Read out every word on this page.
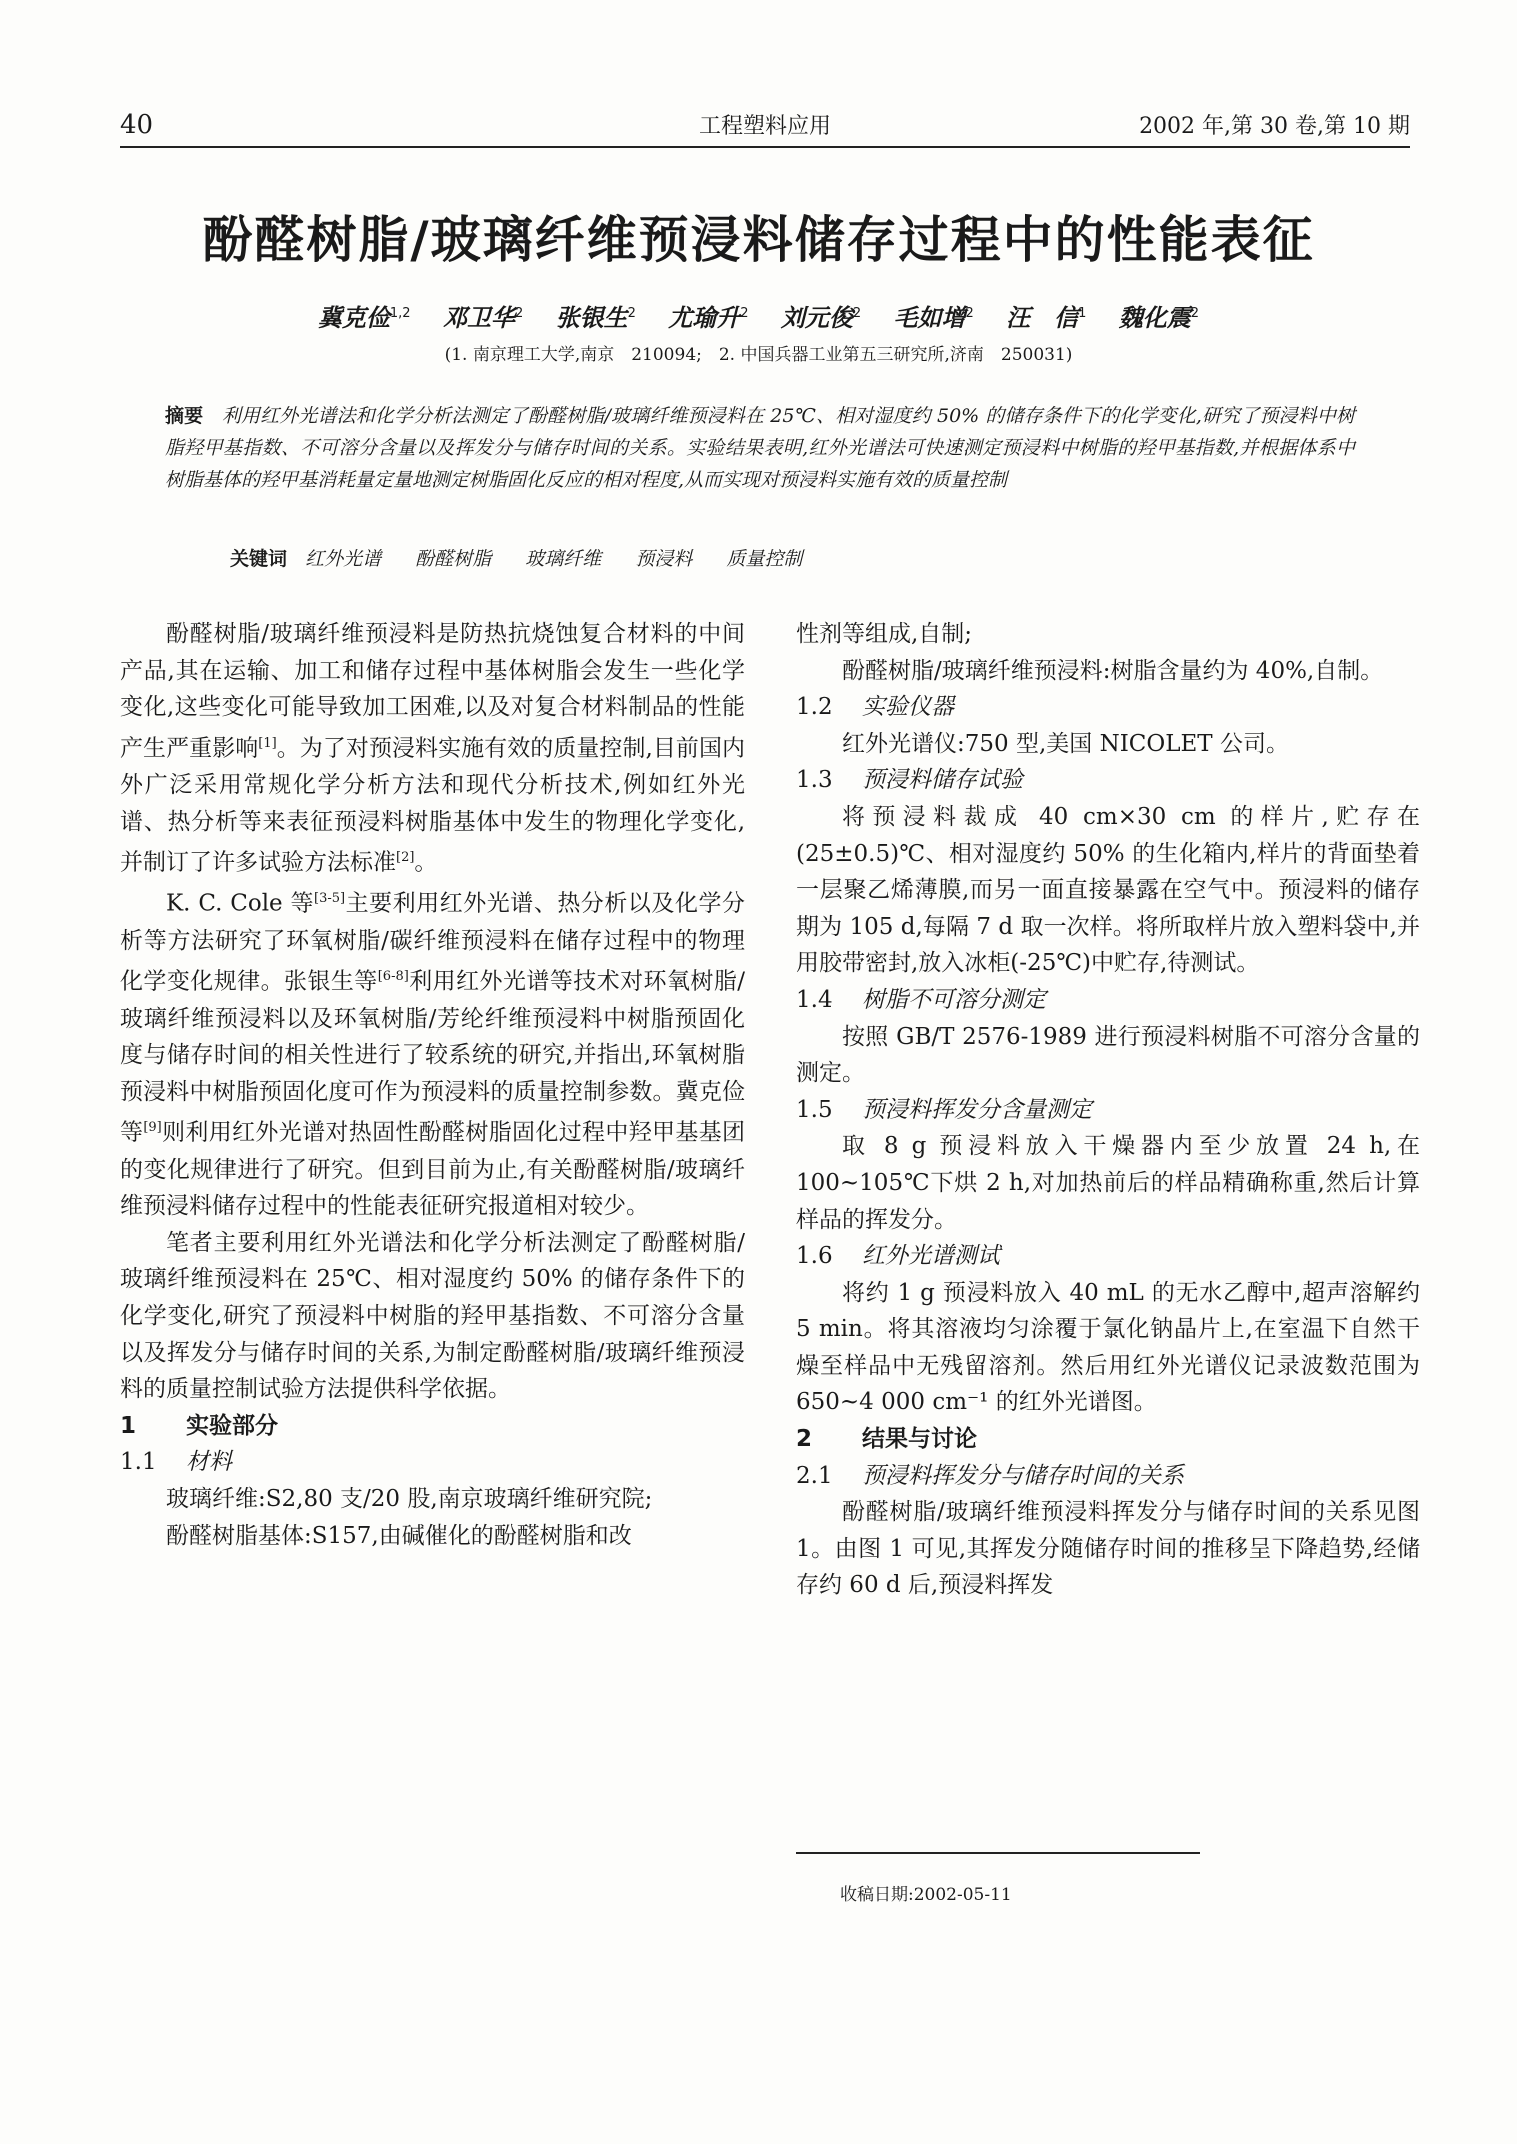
40	工程塑料应用	2002 年,第 30 卷,第 10 期
酚醛树脂/玻璃纤维预浸料储存过程中的性能表征
冀克俭$^{1,2}$ 邓卫华$^2$ 张银生$^2$ 尤瑜升$^2$ 刘元俊$^2$ 毛如增$^2$ 汪　信$^1$ 魏化震$^2$
(1. 南京理工大学,南京　210094;　2. 中国兵器工业第五三研究所,济南　250031)
摘要 利用红外光谱法和化学分析法测定了酚醛树脂/玻璃纤维预浸料在 25℃、相对湿度约 50% 的储存条件下的化学变化,研究了预浸料中树脂羟甲基指数、不可溶分含量以及挥发分与储存时间的关系。实验结果表明,红外光谱法可快速测定预浸料中树脂的羟甲基指数,并根据体系中树脂基体的羟甲基消耗量定量地测定树脂固化反应的相对程度,从而实现对预浸料实施有效的质量控制
关键词 红外光谱 酚醛树脂 玻璃纤维 预浸料 质量控制

酚醛树脂/玻璃纤维预浸料是防热抗烧蚀复合材料的中间产品,其在运输、加工和储存过程中基体树脂会发生一些化学变化,这些变化可能导致加工困难,以及对复合材料制品的性能产生严重影响[1]。为了对预浸料实施有效的质量控制,目前国内外广泛采用常规化学分析方法和现代分析技术,例如红外光谱、热分析等来表征预浸料树脂基体中发生的物理化学变化,并制订了许多试验方法标准[2]。

K. C. Cole 等[3-5]主要利用红外光谱、热分析以及化学分析等方法研究了环氧树脂/碳纤维预浸料在储存过程中的物理化学变化规律。张银生等[6-8]利用红外光谱等技术对环氧树脂/玻璃纤维预浸料以及环氧树脂/芳纶纤维预浸料中树脂预固化度与储存时间的相关性进行了较系统的研究,并指出,环氧树脂预浸料中树脂预固化度可作为预浸料的质量控制参数。冀克俭等[9]则利用红外光谱对热固性酚醛树脂固化过程中羟甲基基团的变化规律进行了研究。但到目前为止,有关酚醛树脂/玻璃纤维预浸料储存过程中的性能表征研究报道相对较少。

笔者主要利用红外光谱法和化学分析法测定了酚醛树脂/玻璃纤维预浸料在 25℃、相对湿度约 50% 的储存条件下的化学变化,研究了预浸料中树脂的羟甲基指数、不可溶分含量以及挥发分与储存时间的关系,为制定酚醛树脂/玻璃纤维预浸料的质量控制试验方法提供科学依据。

1 实验部分

1.1 材料

玻璃纤维:S2,80 支/20 股,南京玻璃纤维研究院;

酚醛树脂基体:S157,由碱催化的酚醛树脂和改

性剂等组成,自制;

酚醛树脂/玻璃纤维预浸料:树脂含量约为 40%,自制。

1.2 实验仪器

红外光谱仪:750 型,美国 NICOLET 公司。

1.3 预浸料储存试验

将预浸料裁成 40 cm×30 cm 的样片,贮存在(25±0.5)℃、相对湿度约 50% 的生化箱内,样片的背面垫着一层聚乙烯薄膜,而另一面直接暴露在空气中。预浸料的储存期为 105 d,每隔 7 d 取一次样。将所取样片放入塑料袋中,并用胶带密封,放入冰柜(-25℃)中贮存,待测试。

1.4 树脂不可溶分测定

按照 GB/T 2576-1989 进行预浸料树脂不可溶分含量的测定。

1.5 预浸料挥发分含量测定

取 8 g 预浸料放入干燥器内至少放置 24 h,在 100~105℃下烘 2 h,对加热前后的样品精确称重,然后计算样品的挥发分。

1.6 红外光谱测试

将约 1 g 预浸料放入 40 mL 的无水乙醇中,超声溶解约 5 min。将其溶液均匀涂覆于氯化钠晶片上,在室温下自然干燥至样品中无残留溶剂。然后用红外光谱仪记录波数范围为 650~4 000 cm⁻¹ 的红外光谱图。

2 结果与讨论

2.1 预浸料挥发分与储存时间的关系

酚醛树脂/玻璃纤维预浸料挥发分与储存时间的关系见图 1。由图 1 可见,其挥发分随储存时间的推移呈下降趋势,经储存约 60 d 后,预浸料挥发

收稿日期:2002-05-11
